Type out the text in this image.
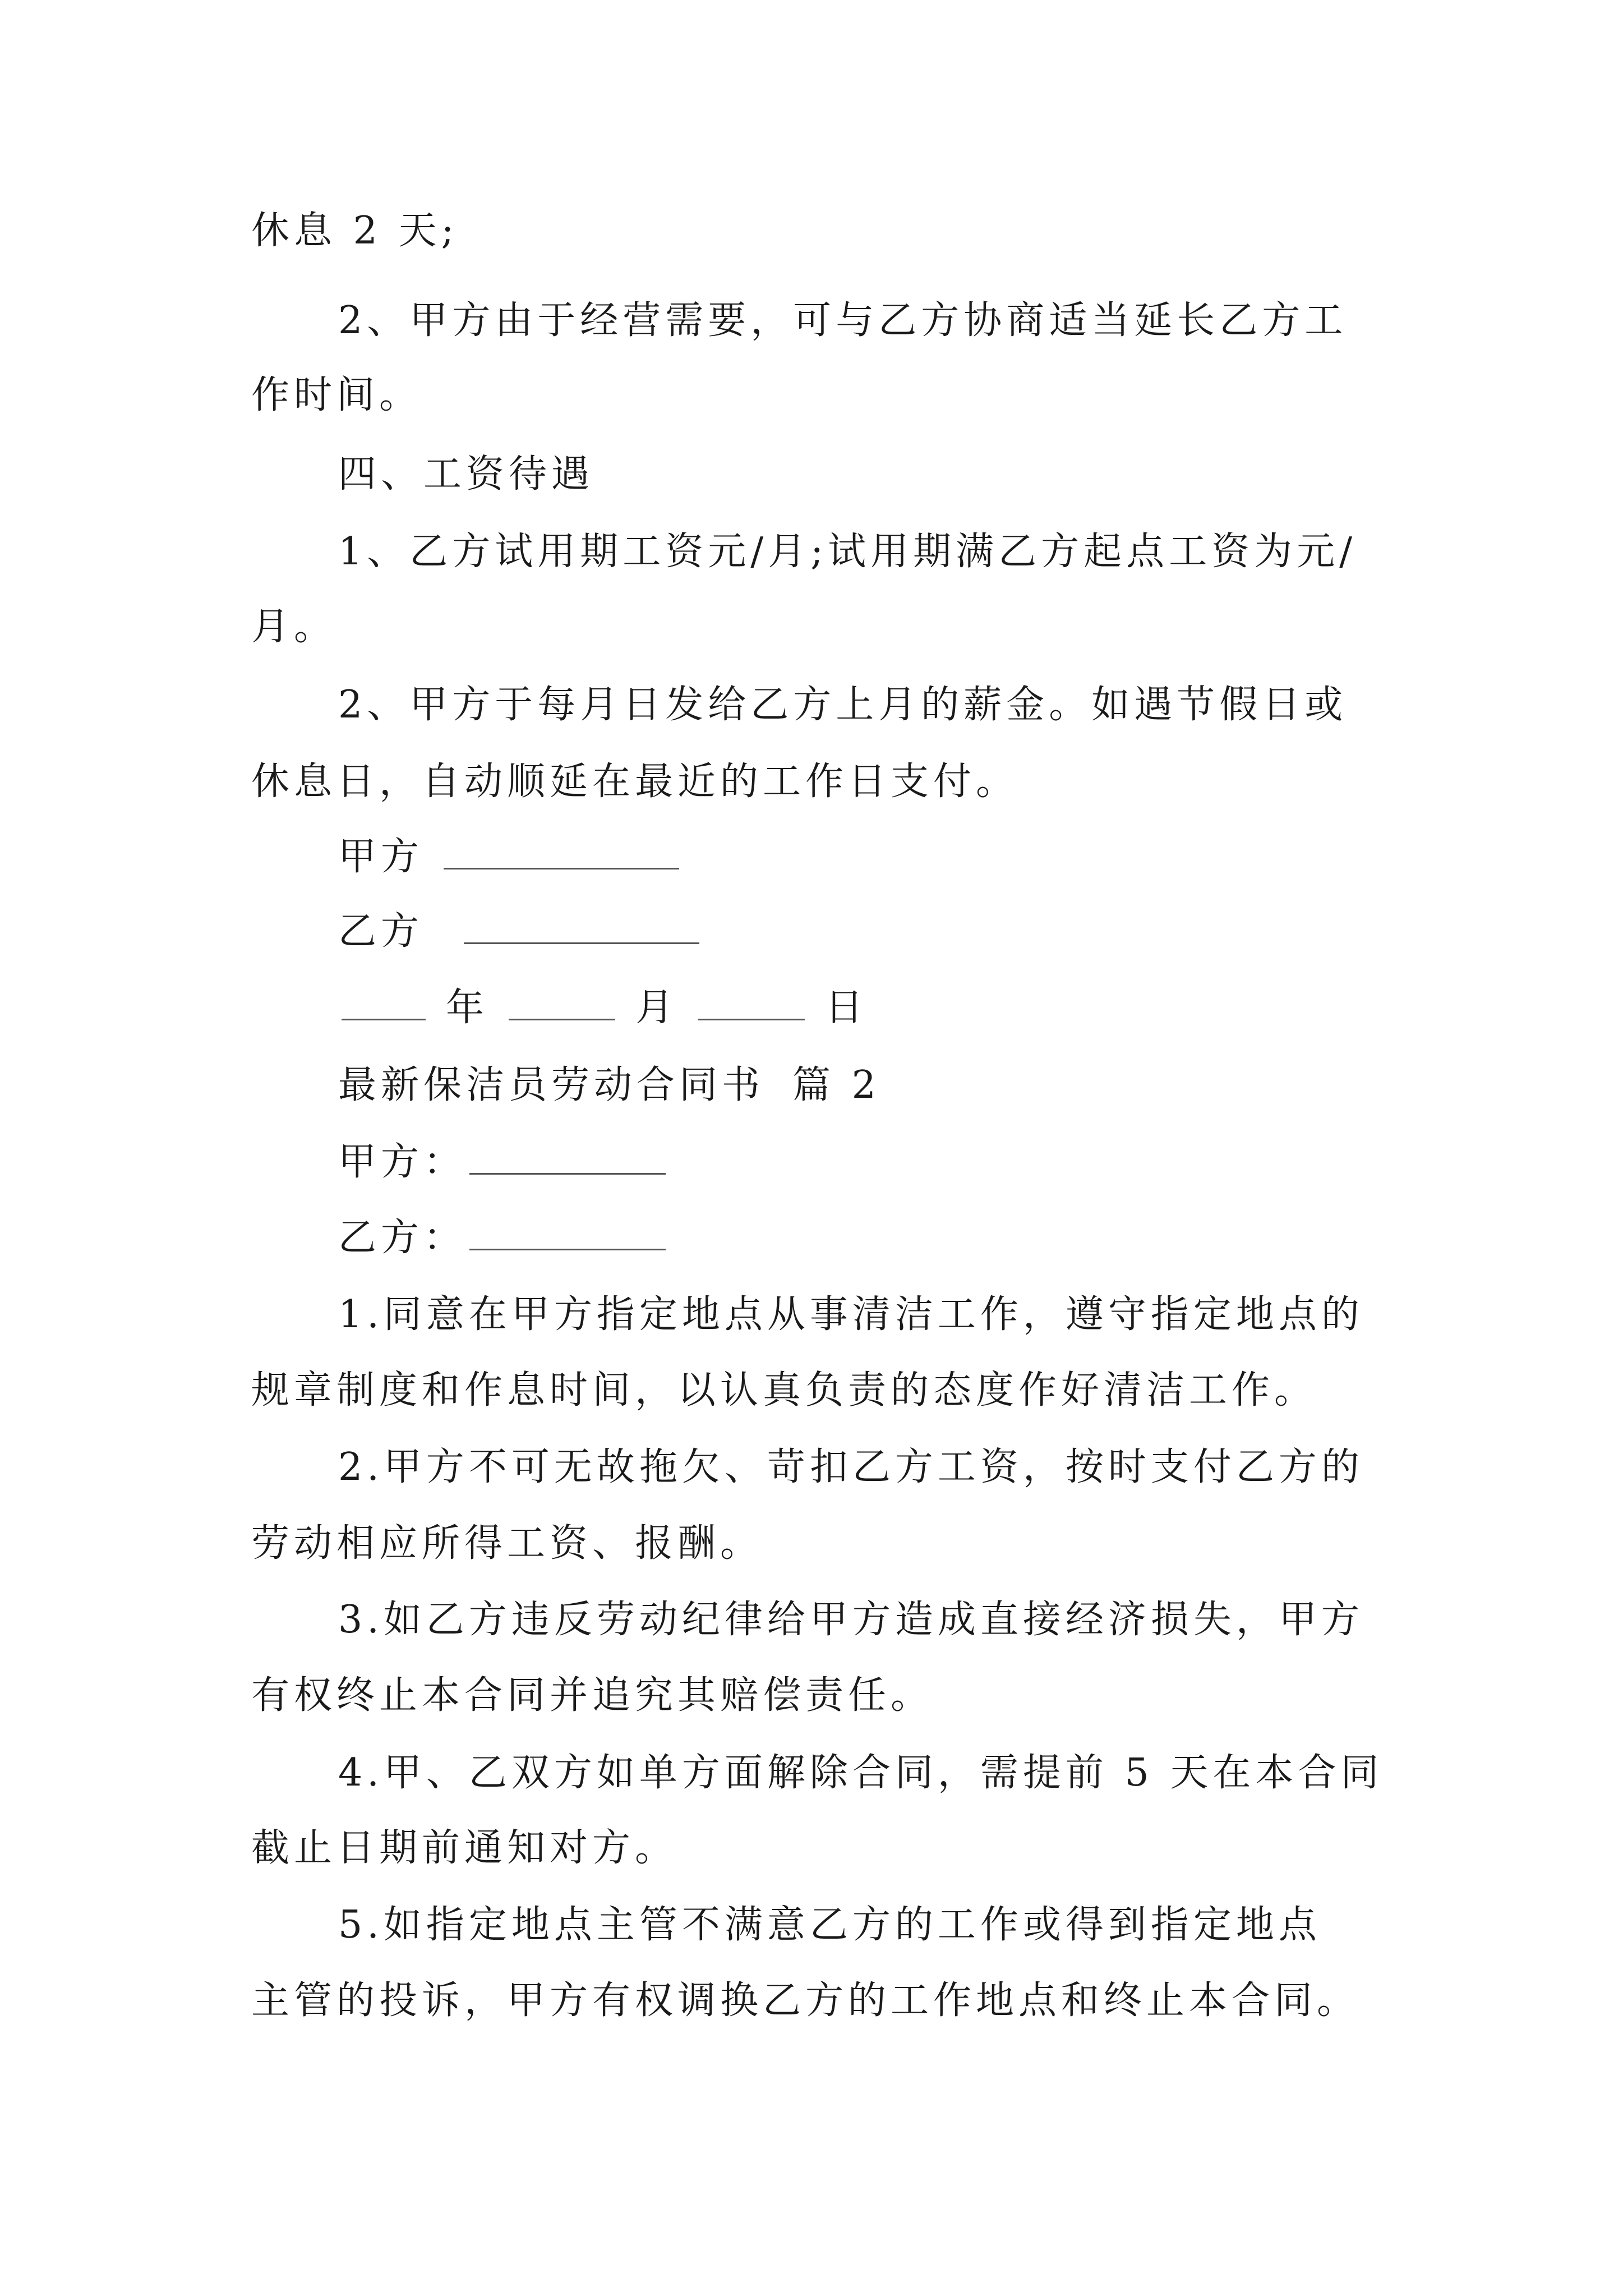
休息 2 天;
2、甲方由于经营需要，可与乙方协商适当延长乙方工
作时间。
四、工资待遇
1、乙方试用期工资元/月;试用期满乙方起点工资为元/
月。
2、甲方于每月日发给乙方上月的薪金。如遇节假日或
休息日，自动顺延在最近的工作日支付。
甲方
乙方
年	月	日
最新保洁员劳动合同书 篇 2
甲方：
乙方：
1.同意在甲方指定地点从事清洁工作，遵守指定地点的
规章制度和作息时间，以认真负责的态度作好清洁工作。
2.甲方不可无故拖欠、苛扣乙方工资，按时支付乙方的
劳动相应所得工资、报酬。
3.如乙方违反劳动纪律给甲方造成直接经济损失，甲方
有权终止本合同并追究其赔偿责任。
4.甲、乙双方如单方面解除合同，需提前 5 天在本合同
截止日期前通知对方。
5.如指定地点主管不满意乙方的工作或得到指定地点
主管的投诉，甲方有权调换乙方的工作地点和终止本合同。
